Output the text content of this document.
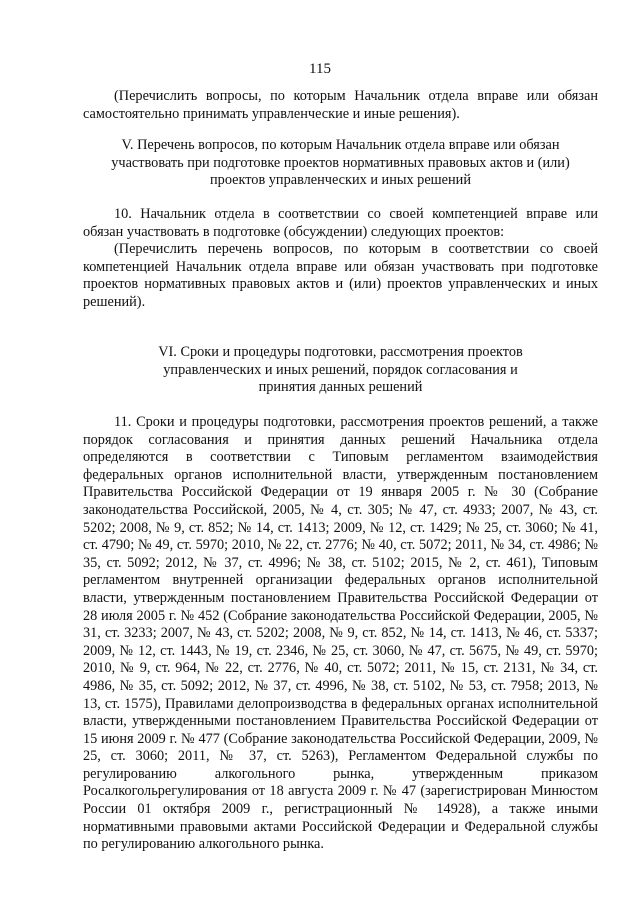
115

(Перечислить вопросы, по которым Начальник отдела вправе или обязан самостоятельно принимать управленческие и иные решения).

V. Перечень вопросов, по которым Начальник отдела вправе или обязан участвовать при подготовке проектов нормативных правовых актов и (или) проектов управленческих и иных решений

10. Начальник отдела в соответствии со своей компетенцией вправе или обязан участвовать в подготовке (обсуждении) следующих проектов:

(Перечислить перечень вопросов, по которым в соответствии со своей компетенцией Начальник отдела вправе или обязан участвовать при подготовке проектов нормативных правовых актов и (или) проектов управленческих и иных решений).

VI. Сроки и процедуры подготовки, рассмотрения проектов управленческих и иных решений, порядок согласования и принятия данных решений

11. Сроки и процедуры подготовки, рассмотрения проектов решений, а также порядок согласования и принятия данных решений Начальника отдела определяются в соответствии с Типовым регламентом взаимодействия федеральных органов исполнительной власти, утвержденным постановлением Правительства Российской Федерации от 19 января 2005 г. № 30 (Собрание законодательства Российской, 2005, № 4, ст. 305; № 47, ст. 4933; 2007, № 43, ст. 5202; 2008, № 9, ст. 852; № 14, ст. 1413; 2009, № 12, ст. 1429; № 25, ст. 3060; № 41, ст. 4790; № 49, ст. 5970; 2010, № 22, ст. 2776; № 40, ст. 5072; 2011, № 34, ст. 4986; № 35, ст. 5092; 2012, № 37, ст. 4996; № 38, ст. 5102; 2015, № 2, ст. 461), Типовым регламентом внутренней организации федеральных органов исполнительной власти, утвержденным постановлением Правительства Российской Федерации от 28 июля 2005 г. № 452 (Собрание законодательства Российской Федерации, 2005, № 31, ст. 3233; 2007, № 43, ст. 5202; 2008, № 9, ст. 852, № 14, ст. 1413, № 46, ст. 5337; 2009, № 12, ст. 1443, № 19, ст. 2346, № 25, ст. 3060, № 47, ст. 5675, № 49, ст. 5970; 2010, № 9, ст. 964, № 22, ст. 2776, № 40, ст. 5072; 2011, № 15, ст. 2131, № 34, ст. 4986, № 35, ст. 5092; 2012, № 37, ст. 4996, № 38, ст. 5102, № 53, ст. 7958; 2013, № 13, ст. 1575), Правилами делопроизводства в федеральных органах исполнительной власти, утвержденными постановлением Правительства Российской Федерации от 15 июня 2009 г. № 477 (Собрание законодательства Российской Федерации, 2009, № 25, ст. 3060; 2011, № 37, ст. 5263), Регламентом Федеральной службы по регулированию алкогольного рынка, утвержденным приказом Росалкогольрегулирования от 18 августа 2009 г. № 47 (зарегистрирован Минюстом России 01 октября 2009 г., регистрационный № 14928), а также иными нормативными правовыми актами Российской Федерации и Федеральной службы по регулированию алкогольного рынка.
